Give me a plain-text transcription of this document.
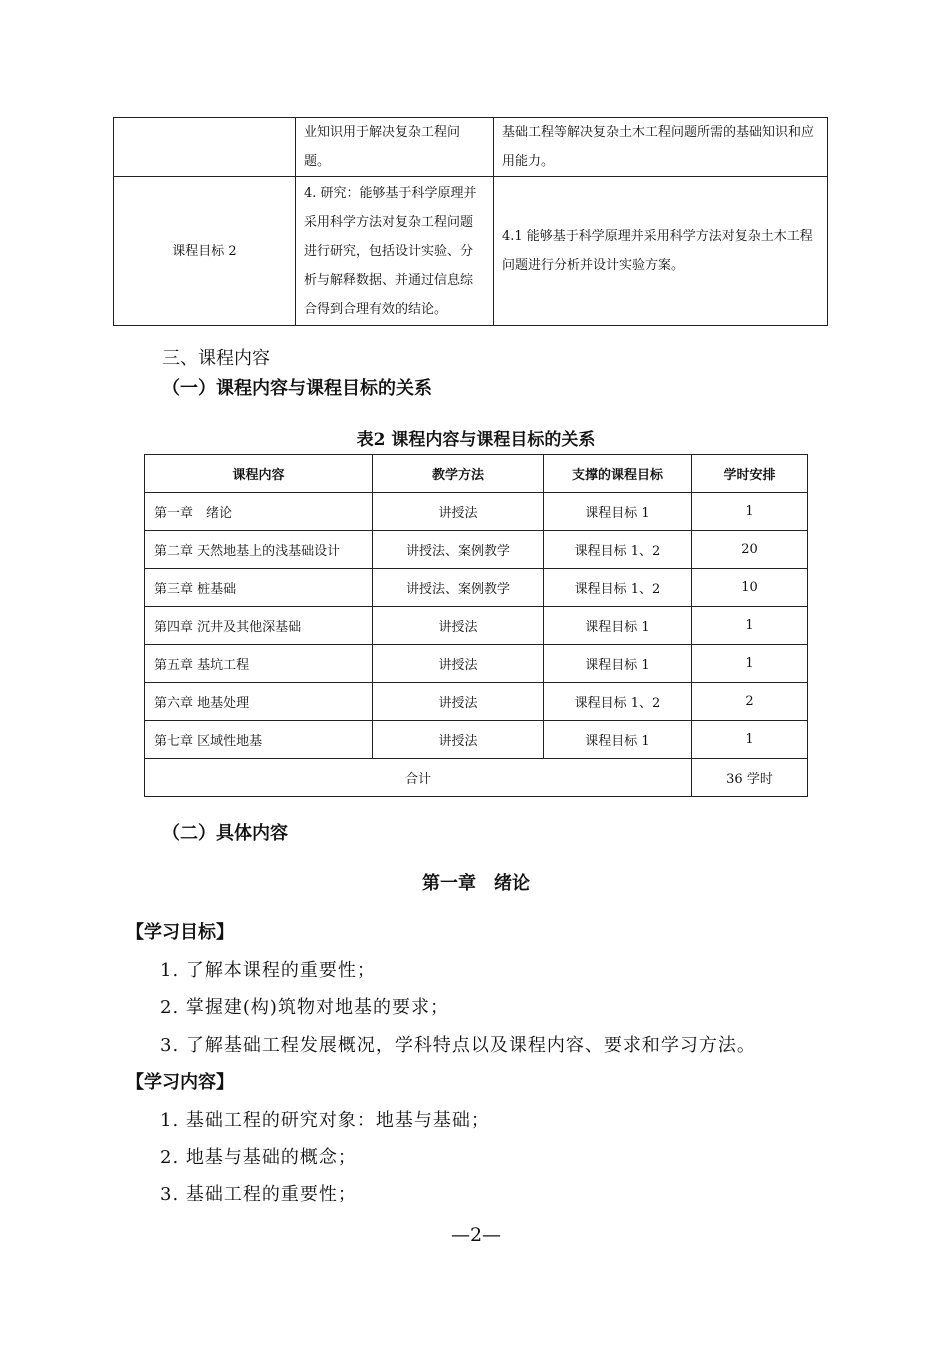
	业知识用于解决复杂工程问题。	基础工程等解决复杂土木工程问题所需的基础知识和应用能力。
课程目标 2	4. 研究：能够基于科学原理并采用科学方法对复杂工程问题进行研究，包括设计实验、分析与解释数据、并通过信息综合得到合理有效的结论。	4.1 能够基于科学原理并采用科学方法对复杂土木工程问题进行分析并设计实验方案。
三、课程内容
（一）课程内容与课程目标的关系

表2 课程内容与课程目标的关系

课程内容	教学方法	支撑的课程目标	学时安排
第一章　绪论	讲授法	课程目标 1	1
第二章 天然地基上的浅基础设计	讲授法、案例教学	课程目标 1、2	20
第三章 桩基础	讲授法、案例教学	课程目标 1、2	10
第四章 沉井及其他深基础	讲授法	课程目标 1	1
第五章 基坑工程	讲授法	课程目标 1	1
第六章 地基处理	讲授法	课程目标 1、2	2
第七章 区域性地基	讲授法	课程目标 1	1
合计			36 学时
（二）具体内容
第一章　绪论

【学习目标】

1. 了解本课程的重要性；

2. 掌握建(构)筑物对地基的要求；

3. 了解基础工程发展概况，学科特点以及课程内容、要求和学习方法。

【学习内容】

1. 基础工程的研究对象：地基与基础；

2. 地基与基础的概念；

3. 基础工程的重要性；

—2—
